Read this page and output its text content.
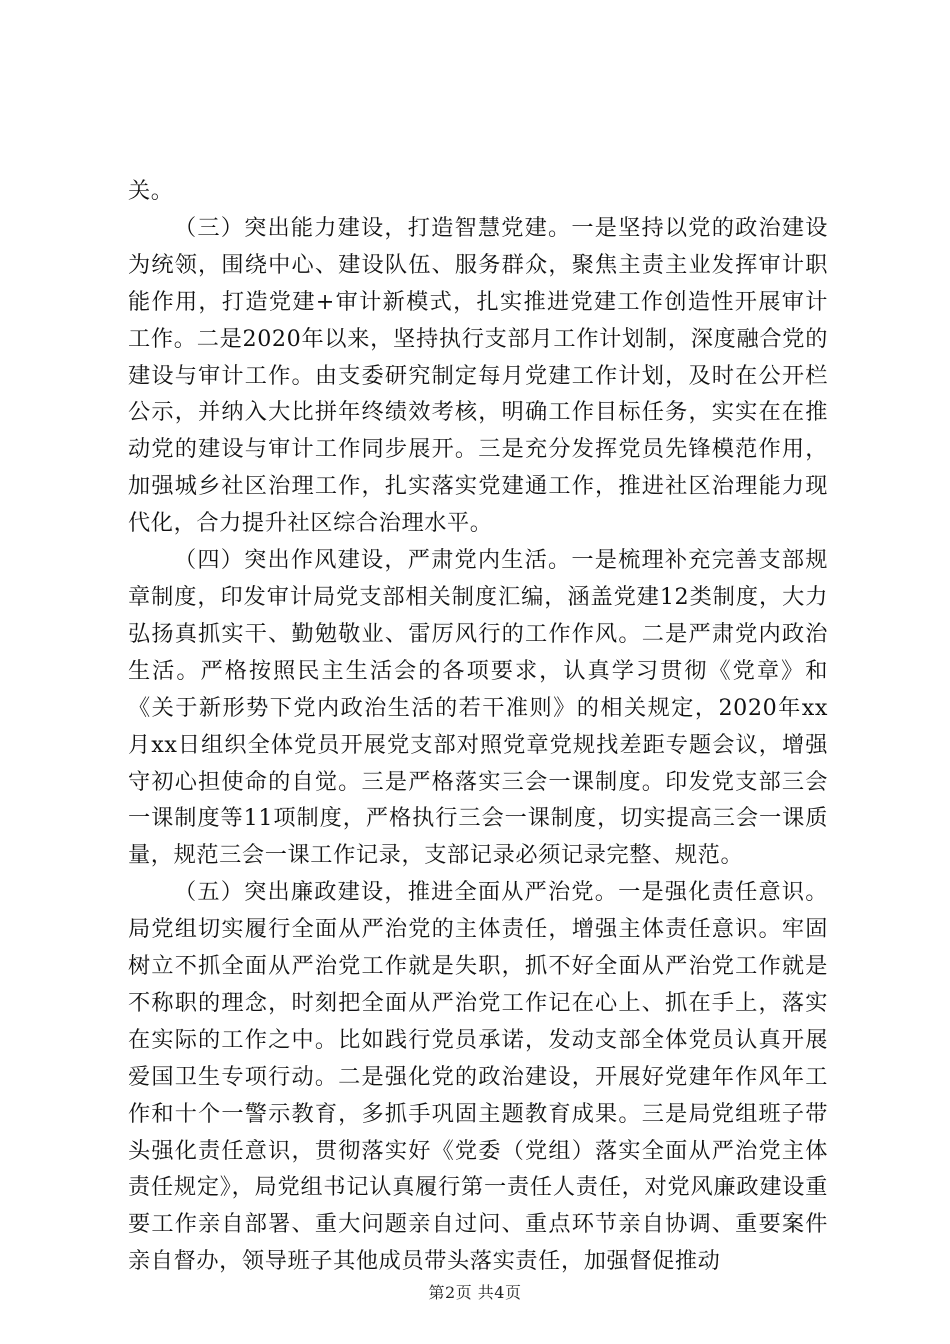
关。

（三）突出能力建设，打造智慧党建。一是坚持以党的政治建设为统领，围绕中心、建设队伍、服务群众，聚焦主责主业发挥审计职能作用，打造党建+审计新模式，扎实推进党建工作创造性开展审计工作。二是2020年以来，坚持执行支部月工作计划制，深度融合党的建设与审计工作。由支委研究制定每月党建工作计划，及时在公开栏公示，并纳入大比拼年终绩效考核，明确工作目标任务，实实在在推动党的建设与审计工作同步展开。三是充分发挥党员先锋模范作用，加强城乡社区治理工作，扎实落实党建通工作，推进社区治理能力现代化，合力提升社区综合治理水平。

（四）突出作风建设，严肃党内生活。一是梳理补充完善支部规章制度，印发审计局党支部相关制度汇编，涵盖党建12类制度，大力弘扬真抓实干、勤勉敬业、雷厉风行的工作作风。二是严肃党内政治生活。严格按照民主生活会的各项要求，认真学习贯彻《党章》和《关于新形势下党内政治生活的若干准则》的相关规定，2020年xx月xx日组织全体党员开展党支部对照党章党规找差距专题会议，增强守初心担使命的自觉。三是严格落实三会一课制度。印发党支部三会一课制度等11项制度，严格执行三会一课制度，切实提高三会一课质量，规范三会一课工作记录，支部记录必须记录完整、规范。

（五）突出廉政建设，推进全面从严治党。一是强化责任意识。局党组切实履行全面从严治党的主体责任，增强主体责任意识。牢固树立不抓全面从严治党工作就是失职，抓不好全面从严治党工作就是不称职的理念，时刻把全面从严治党工作记在心上、抓在手上，落实在实际的工作之中。比如践行党员承诺，发动支部全体党员认真开展爱国卫生专项行动。二是强化党的政治建设，开展好党建年作风年工作和十个一警示教育，多抓手巩固主题教育成果。三是局党组班子带头强化责任意识，贯彻落实好《党委（党组）落实全面从严治党主体责任规定》，局党组书记认真履行第一责任人责任，对党风廉政建设重要工作亲自部署、重大问题亲自过问、重点环节亲自协调、重要案件亲自督办，领导班子其他成员带头落实责任，加强督促推动

第2页 共4页
